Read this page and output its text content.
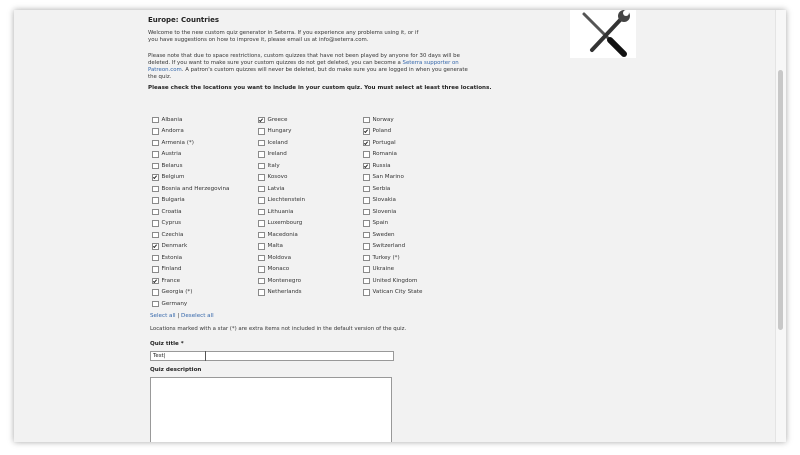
Europe: Countries
Welcome to the new custom quiz generator in Seterra. If you experience any problems using it, or if
you have suggestions on how to improve it, please email us at info@seterra.com.
Please note that due to space restrictions, custom quizzes that have not been played by anyone for 30 days will be deleted. If you want to make sure your custom quizzes do not get deleted, you can become a Seterra supporter on Patreon.com. A patron's custom quizzes will never be deleted, but do make sure you are logged in when you generate the quiz.
Please check the locations you want to include in your custom quiz. You must select at least three locations.
Albania
Andorra
Armenia (*)
Austria
Belarus
Belgium
Bosnia and Herzegovina
Bulgaria
Croatia
Cyprus
Czechia
Denmark
Estonia
Finland
France
Georgia (*)
Germany
Greece
Hungary
Iceland
Ireland
Italy
Kosovo
Latvia
Liechtenstein
Lithuania
Luxembourg
Macedonia
Malta
Moldova
Monaco
Montenegro
Netherlands
Norway
Poland
Portugal
Romania
Russia
San Marino
Serbia
Slovakia
Slovenia
Spain
Sweden
Switzerland
Turkey (*)
Ukraine
United Kingdom
Vatican City State
Select all | Deselect all
Locations marked with a star (*) are extra items not included in the default version of the quiz.
Quiz title *
Test|
Quiz description
